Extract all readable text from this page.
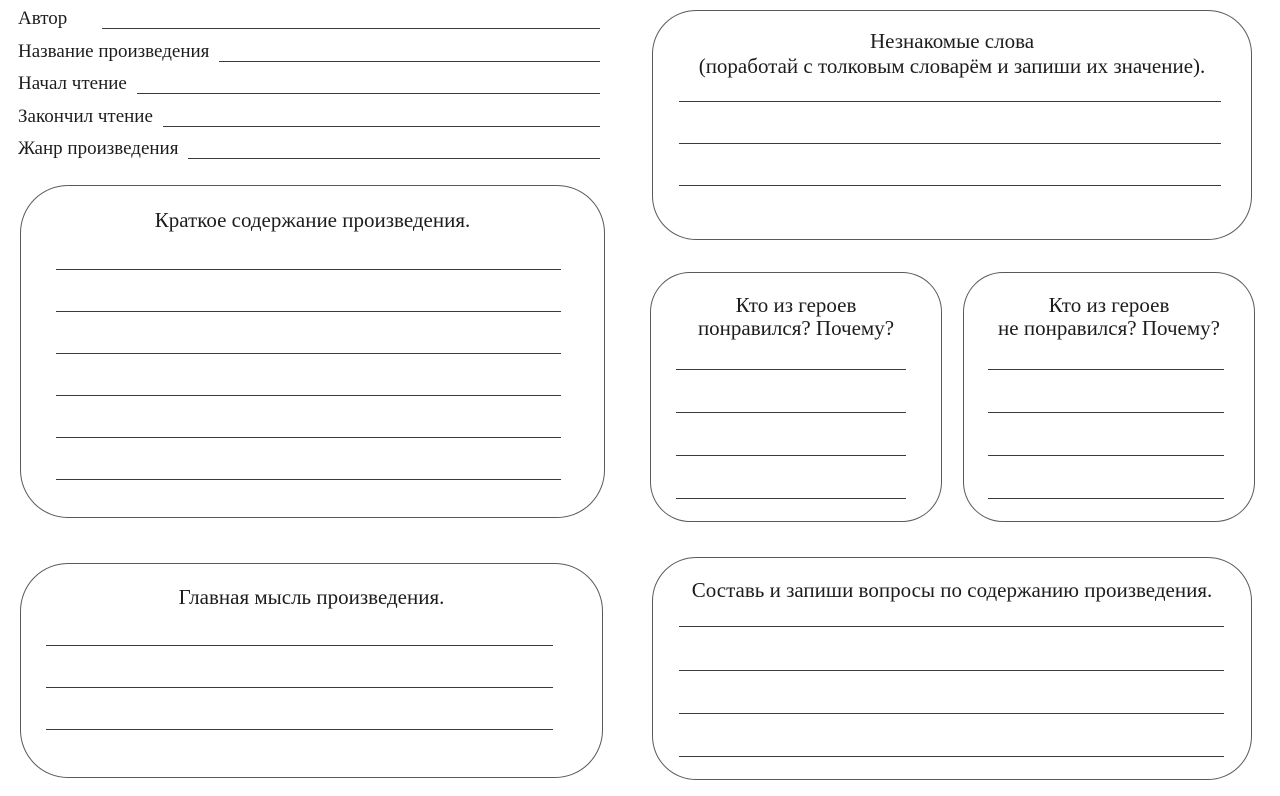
Автор
Название произведения
Начал чтение
Закончил чтение
Жанр произведения
Краткое содержание произведения.
Главная мысль произведения.
Незнакомые слова
(поработай с толковым словарём и запиши их значение).
Кто из героев
понравился? Почему?
Кто из героев
не понравился? Почему?
Составь и запиши вопросы по содержанию произведения.
